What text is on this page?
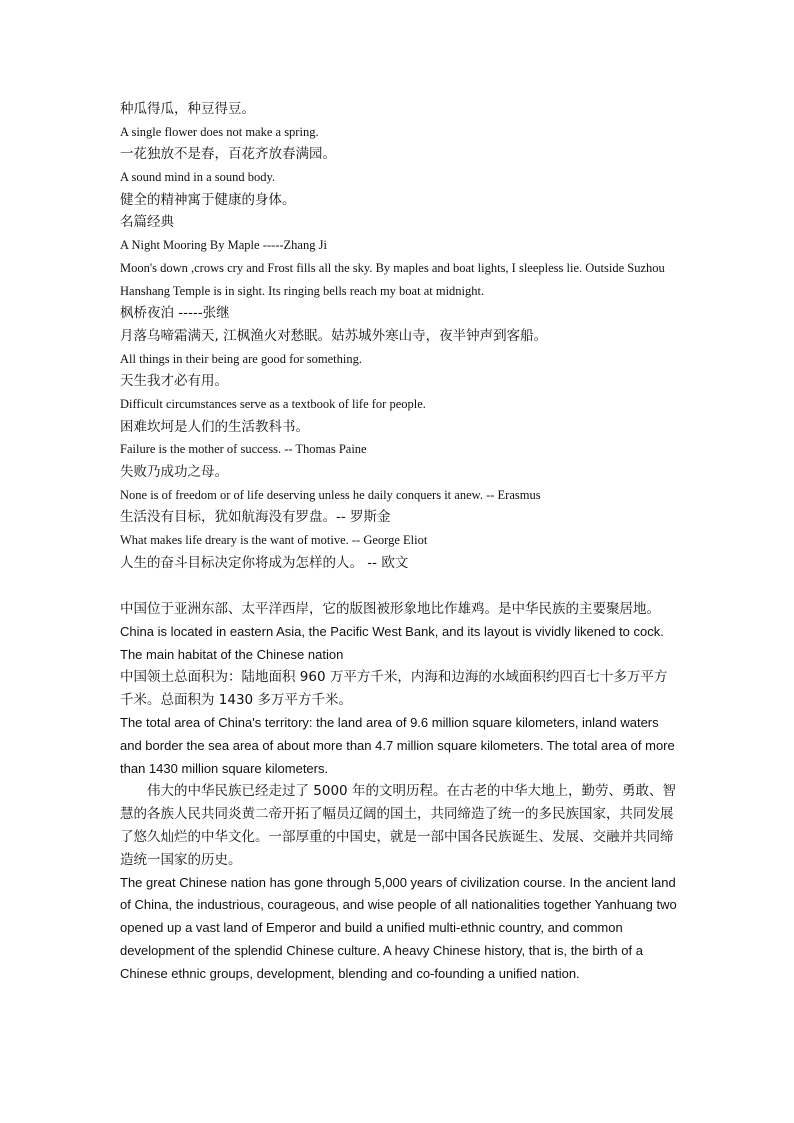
种瓜得瓜，种豆得豆。
A single flower does not make a spring.
一花独放不是春，百花齐放春满园。
A sound mind in a sound body.
健全的精神寓于健康的身体。
名篇经典
A Night Mooring By Maple -----Zhang Ji
Moon's down ,crows cry and Frost fills all the sky. By maples and boat lights, I sleepless lie. Outside Suzhou Hanshang Temple is in sight. Its ringing bells reach my boat at midnight.
枫桥夜泊 -----张继
月落乌啼霜满天, 江枫渔火对愁眠。姑苏城外寒山寺，夜半钟声到客船。
All things in their being are good for something.
天生我才必有用。
Difficult circumstances serve as a textbook of life for people.
困难坎坷是人们的生活教科书。
Failure is the mother of success. -- Thomas Paine
失败乃成功之母。
None is of freedom or of life deserving unless he daily conquers it anew. -- Erasmus
生活没有目标，犹如航海没有罗盘。-- 罗斯金
What makes life dreary is the want of motive. -- George Eliot
人生的奋斗目标决定你将成为怎样的人。 -- 欧文

中国位于亚洲东部、太平洋西岸，它的版图被形象地比作雄鸡。是中华民族的主要聚居地。

China is located in eastern Asia, the Pacific West Bank, and its layout is vividly likened to cock. The main habitat of the Chinese nation

中国领土总面积为：陆地面积 960 万平方千米，内海和边海的水域面积约四百七十多万平方千米。总面积为 1430 多万平方千米。

The total area of China's territory: the land area of 9.6 million square kilometers, inland waters and border the sea area of about more than 4.7 million square kilometers. The total area of more than 1430 million square kilometers.

伟大的中华民族已经走过了 5000 年的文明历程。在古老的中华大地上，勤劳、勇敢、智慧的各族人民共同炎黄二帝开拓了幅员辽阔的国土，共同缔造了统一的多民族国家，共同发展了悠久灿烂的中华文化。一部厚重的中国史，就是一部中国各民族诞生、发展、交融并共同缔造统一国家的历史。

The great Chinese nation has gone through 5,000 years of civilization course. In the ancient land of China, the industrious, courageous, and wise people of all nationalities together Yanhuang two opened up a vast land of Emperor and build a unified multi-ethnic country, and common development of the splendid Chinese culture. A heavy Chinese history, that is, the birth of a Chinese ethnic groups, development, blending and co-founding a unified nation.
